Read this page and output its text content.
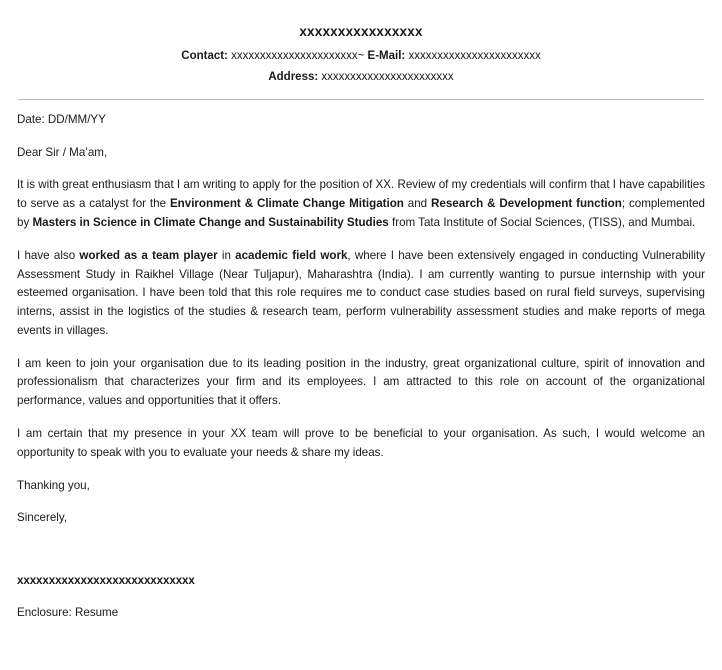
xxxxxxxxxxxxxxxx
Contact: xxxxxxxxxxxxxxxxxxxxxx~ E-Mail: xxxxxxxxxxxxxxxxxxxxxxx
Address: xxxxxxxxxxxxxxxxxxxxxxx

Date: DD/MM/YY

Dear Sir / Ma’am,

It is with great enthusiasm that I am writing to apply for the position of XX. Review of my credentials will confirm that I have capabilities to serve as a catalyst for the Environment & Climate Change Mitigation and Research & Development function; complemented by Masters in Science in Climate Change and Sustainability Studies from Tata Institute of Social Sciences, (TISS), and Mumbai.

I have also worked as a team player in academic field work, where I have been extensively engaged in conducting Vulnerability Assessment Study in Raikhel Village (Near Tuljapur), Maharashtra (India). I am currently wanting to pursue internship with your esteemed organisation. I have been told that this role requires me to conduct case studies based on rural field surveys, supervising interns, assist in the logistics of the studies & research team, perform vulnerability assessment studies and make reports of mega events in villages.

I am keen to join your organisation due to its leading position in the industry, great organizational culture, spirit of innovation and professionalism that characterizes your firm and its employees. I am attracted to this role on account of the organizational performance, values and opportunities that it offers.

I am certain that my presence in your XX team will prove to be beneficial to your organisation. As such, I would welcome an opportunity to speak with you to evaluate your needs & share my ideas.

Thanking you,

Sincerely,

xxxxxxxxxxxxxxxxxxxxxxxxxxxx
Enclosure: Resume
